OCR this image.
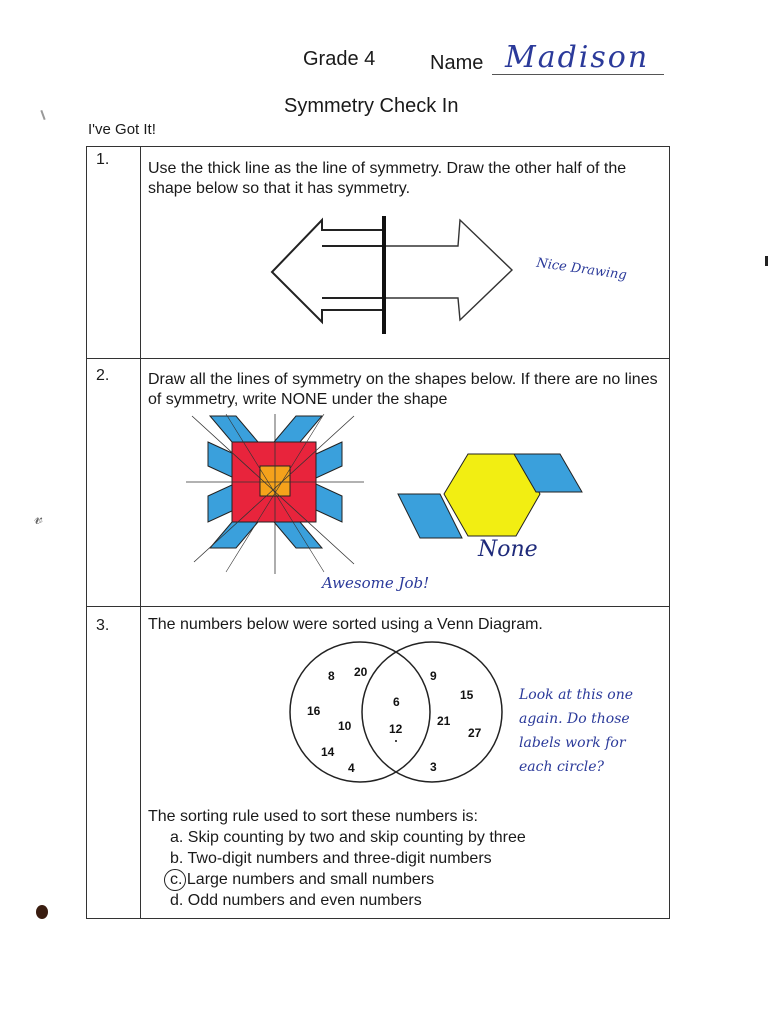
Grade 4	Name Madison
Symmetry Check In
I've Got It!
𝓋
1.
Use the thick line as the line of symmetry. Draw the other half of the shape below so that it has symmetry.
Nice Drawing
2. Draw all the lines of symmetry on the shapes below. If there are no lines of symmetry, write NONE under the shape
None
Awesome Job!
3. The numbers below were sorted using a Venn Diagram.
8 20
16
10
14
4
6
12
9
15
21
27
3
Look at this one again. Do those labels work for each circle?
The sorting rule used to sort these numbers is:
a. Skip counting by two and skip counting by three
b. Two-digit numbers and three-digit numbers
c. Large numbers and small numbers
d. Odd numbers and even numbers
